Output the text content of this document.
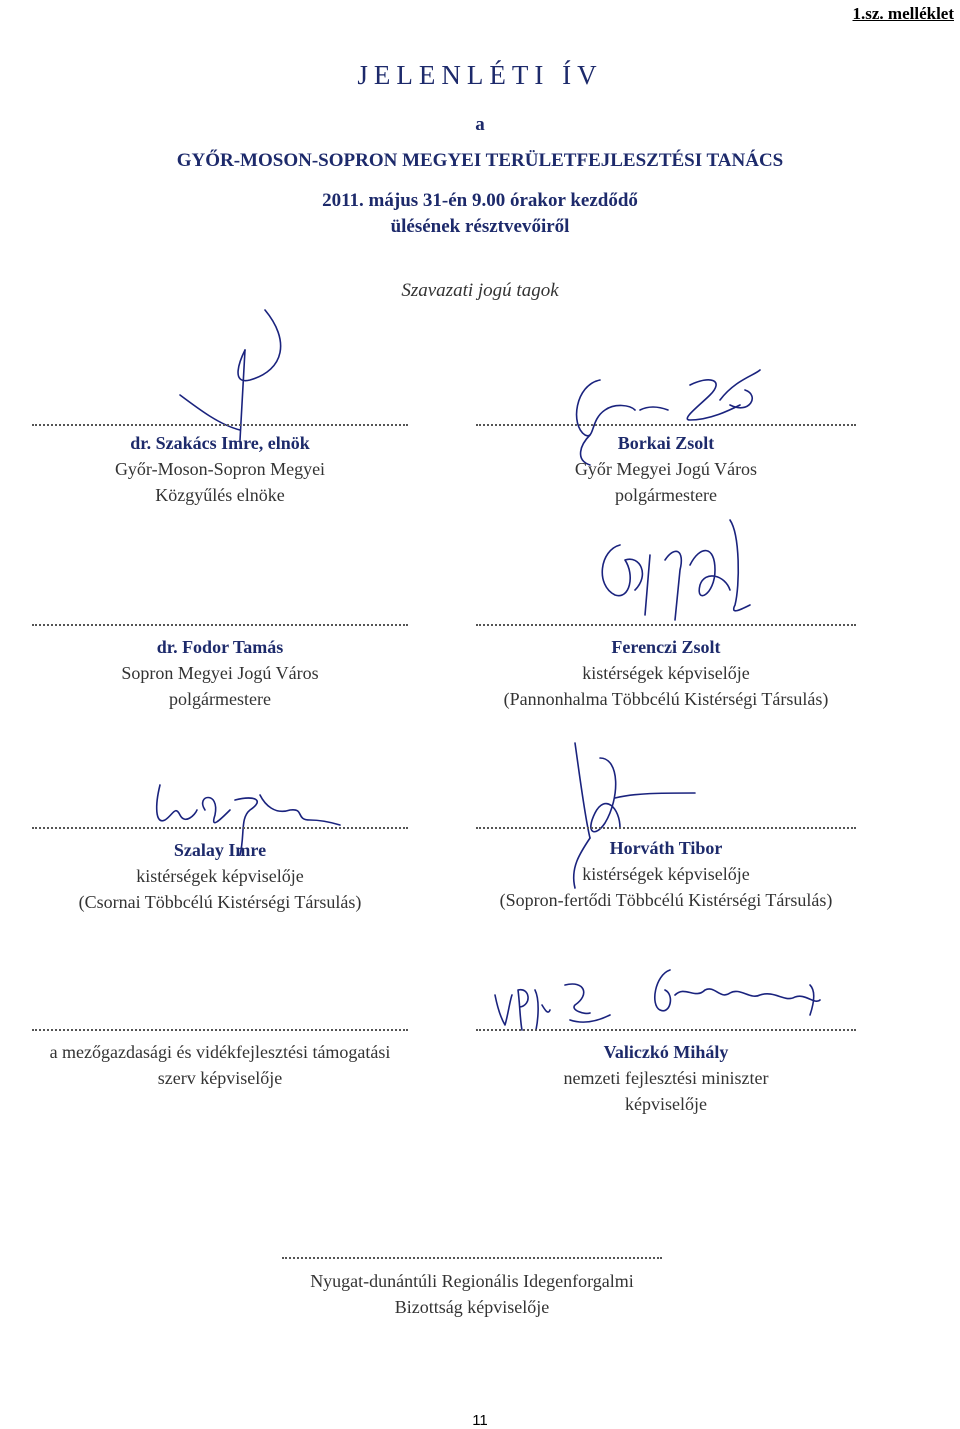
1.sz. melléklet
JELENLÉTI ÍV
a
GYŐR-MOSON-SOPRON MEGYEI TERÜLETFEJLESZTÉSI TANÁCS
2011. május 31-én 9.00 órakor kezdődő
ülésének résztvevőiről
Szavazati jogú tagok
dr. Szakács Imre, elnök
Győr-Moson-Sopron Megyei
Közgyűlés elnöke
Borkai Zsolt
Győr Megyei Jogú Város
polgármestere
dr. Fodor Tamás
Sopron Megyei Jogú Város
polgármestere
Ferenczi Zsolt
kistérségek képviselője
(Pannonhalma Többcélú Kistérségi Társulás)
Szalay Imre
kistérségek képviselője
(Csornai Többcélú Kistérségi Társulás)
Horváth Tibor
kistérségek képviselője
(Sopron-fertődi Többcélú Kistérségi Társulás)
a mezőgazdasági és vidékfejlesztési támogatási
szerv képviselője
Valiczkó Mihály
nemzeti fejlesztési miniszter
képviselője
Nyugat-dunántúli Regionális Idegenforgalmi
Bizottság képviselője
11
